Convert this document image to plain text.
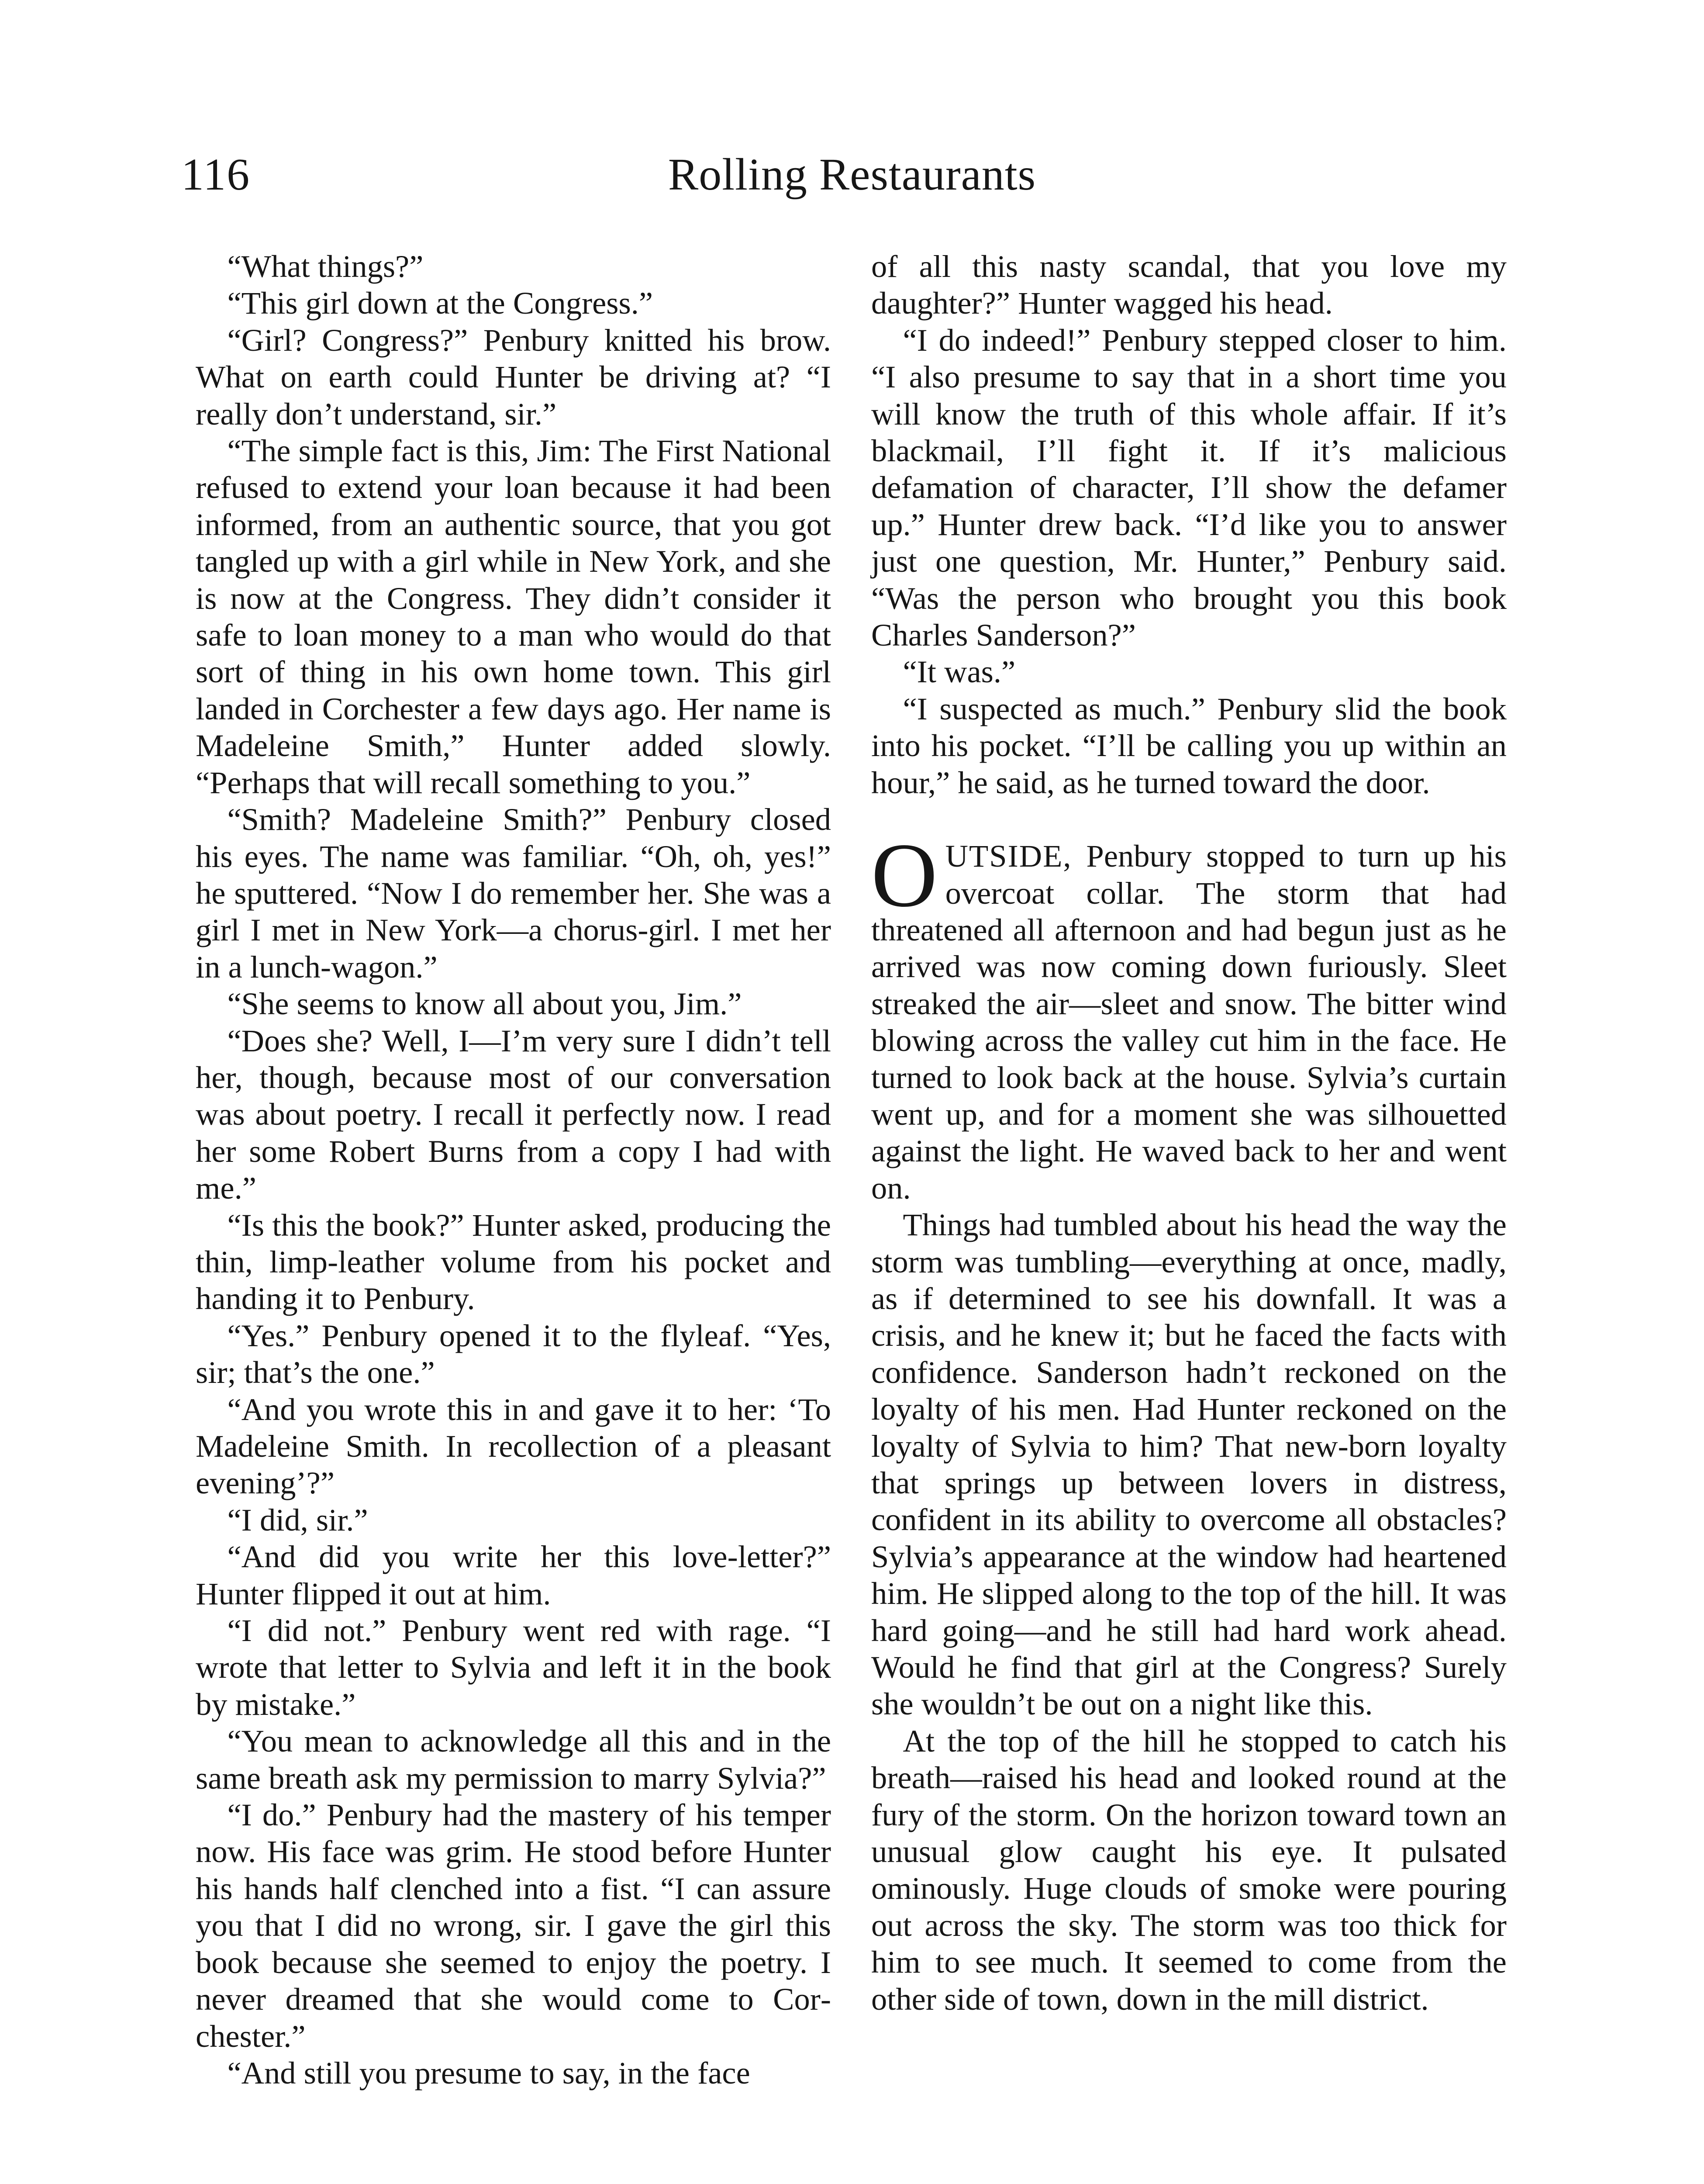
116	Rolling Restaurants

“What things?”

“This girl down at the Congress.”

“Girl? Congress?” Penbury knitted his brow. What on earth could Hunter be driving at? “I really don’t understand, sir.”

“The simple fact is this, Jim: The First National refused to extend your loan because it had been informed, from an authentic source, that you got tangled up with a girl while in New York, and she is now at the Congress. They didn’t consider it safe to loan money to a man who would do that sort of thing in his own home town. This girl landed in Corchester a few days ago. Her name is Madeleine Smith,” Hunter added slowly. “Perhaps that will recall something to you.”

“Smith? Madeleine Smith?” Penbury closed his eyes. The name was familiar. “Oh, oh, yes!” he sputtered. “Now I do remember her. She was a girl I met in New York—a chorus-girl. I met her in a lunch-wagon.”

“She seems to know all about you, Jim.”

“Does she? Well, I—I’m very sure I didn’t tell her, though, because most of our conversation was about poetry. I recall it perfectly now. I read her some Robert Burns from a copy I had with me.”

“Is this the book?” Hunter asked, producing the thin, limp-leather volume from his pocket and handing it to Penbury.

“Yes.” Penbury opened it to the flyleaf. “Yes, sir; that’s the one.”

“And you wrote this in and gave it to her: ‘To Madeleine Smith. In recollection of a pleasant evening’?”

“I did, sir.”

“And did you write her this love-letter?” Hunter flipped it out at him.

“I did not.” Penbury went red with rage. “I wrote that letter to Sylvia and left it in the book by mistake.”

“You mean to acknowledge all this and in the same breath ask my permission to marry Sylvia?”

“I do.” Penbury had the mastery of his temper now. His face was grim. He stood before Hunter his hands half clenched into a fist. “I can assure you that I did no wrong, sir. I gave the girl this book because she seemed to enjoy the poetry. I never dreamed that she would come to Corchester.”

“And still you presume to say, in the face

of all this nasty scandal, that you love my daughter?” Hunter wagged his head.

“I do indeed!” Penbury stepped closer to him. “I also presume to say that in a short time you will know the truth of this whole affair. If it’s blackmail, I’ll fight it. If it’s malicious defamation of character, I’ll show the defamer up.” Hunter drew back. “I’d like you to answer just one question, Mr. Hunter,” Penbury said. “Was the person who brought you this book Charles Sanderson?”

“It was.”

“I suspected as much.” Penbury slid the book into his pocket. “I’ll be calling you up within an hour,” he said, as he turned toward the door.

OUTSIDE, Penbury stopped to turn up his overcoat collar. The storm that had threatened all afternoon and had begun just as he arrived was now coming down furiously. Sleet streaked the air—sleet and snow. The bitter wind blowing across the valley cut him in the face. He turned to look back at the house. Sylvia’s curtain went up, and for a moment she was silhouetted against the light. He waved back to her and went on.

Things had tumbled about his head the way the storm was tumbling—everything at once, madly, as if determined to see his downfall. It was a crisis, and he knew it; but he faced the facts with confidence. Sanderson hadn’t reckoned on the loyalty of his men. Had Hunter reckoned on the loyalty of Sylvia to him? That new-born loyalty that springs up between lovers in distress, confident in its ability to overcome all obstacles? Sylvia’s appearance at the window had heartened him. He slipped along to the top of the hill. It was hard going—and he still had hard work ahead. Would he find that girl at the Congress? Surely she wouldn’t be out on a night like this.

At the top of the hill he stopped to catch his breath—raised his head and looked round at the fury of the storm. On the horizon toward town an unusual glow caught his eye. It pulsated ominously. Huge clouds of smoke were pouring out across the sky. The storm was too thick for him to see much. It seemed to come from the other side of town, down in the mill district.
